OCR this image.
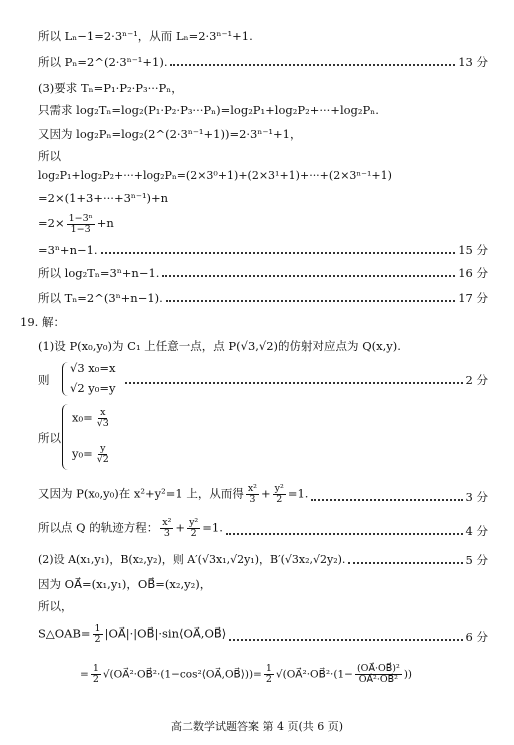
所以 Lₙ−1=2·3ⁿ⁻¹，从而 Lₙ=2·3ⁿ⁻¹+1.
所以 Pₙ=2^(2·3ⁿ⁻¹+1).	13 分
(3)要求 Tₙ=P₁·P₂·P₃···Pₙ，
只需求 log₂Tₙ=log₂(P₁·P₂·P₃···Pₙ)=log₂P₁+log₂P₂+···+log₂Pₙ.
又因为 log₂Pₙ=log₂(2^(2·3ⁿ⁻¹+1))=2·3ⁿ⁻¹+1，
所以
log₂P₁+log₂P₂+···+log₂Pₙ=(2×3⁰+1)+(2×3¹+1)+···+(2×3ⁿ⁻¹+1)
=2×(1+3+···+3ⁿ⁻¹)+n
$=2\times \frac{\text{1−3ⁿ}}{1-3} +n$
=3ⁿ+n−1.	15 分
所以 log₂Tₙ=3ⁿ+n−1.	16 分
所以 Tₙ=2^(3ⁿ+n−1).	17 分
19. 解：
(1)设 P(x₀,y₀)为 C₁ 上任意一点，点 P(√3,√2)的仿射对应点为 Q(x,y).
则	2 分
√3 x₀=x
√2 y₀=y
所以
$x_0= \frac{x}{√3}$
$y_0= \frac{y}{√2}$
又因为 P(x₀,y₀)在 x²+y²=1 上，从而得 $\frac{\text{x²}}{3} + \frac{\text{y²}}{2} =1$.	3 分
所以点 Q 的轨迹方程： $\frac{\text{x²}}{3} + \frac{\text{y²}}{2} =1$.	4 分
(2)设 A(x₁,y₁)，B(x₂,y₂)，则 A′(√3x₁,√2y₁)，B′(√3x₂,√2y₂).	5 分
因为 OA⃗=(x₁,y₁)，OB⃗=(x₂,y₂)，
所以，
S△OAB= $\frac{1}{2}$ |OA⃗|·|OB⃗|·sin⟨OA⃗,OB⃗⟩	6 分
= $\frac{1}{2}$ √(OA⃗²·OB⃗²·(1−cos²⟨OA⃗,OB⃗⟩))= $\frac{1}{2}$ √(OA⃗²·OB⃗²·(1− $\frac{\text{(OA⃗·OB⃗)²}}{\text{OA⃗²·OB⃗²}}$ ))
高二数学试题答案 第 4 页(共 6 页)
